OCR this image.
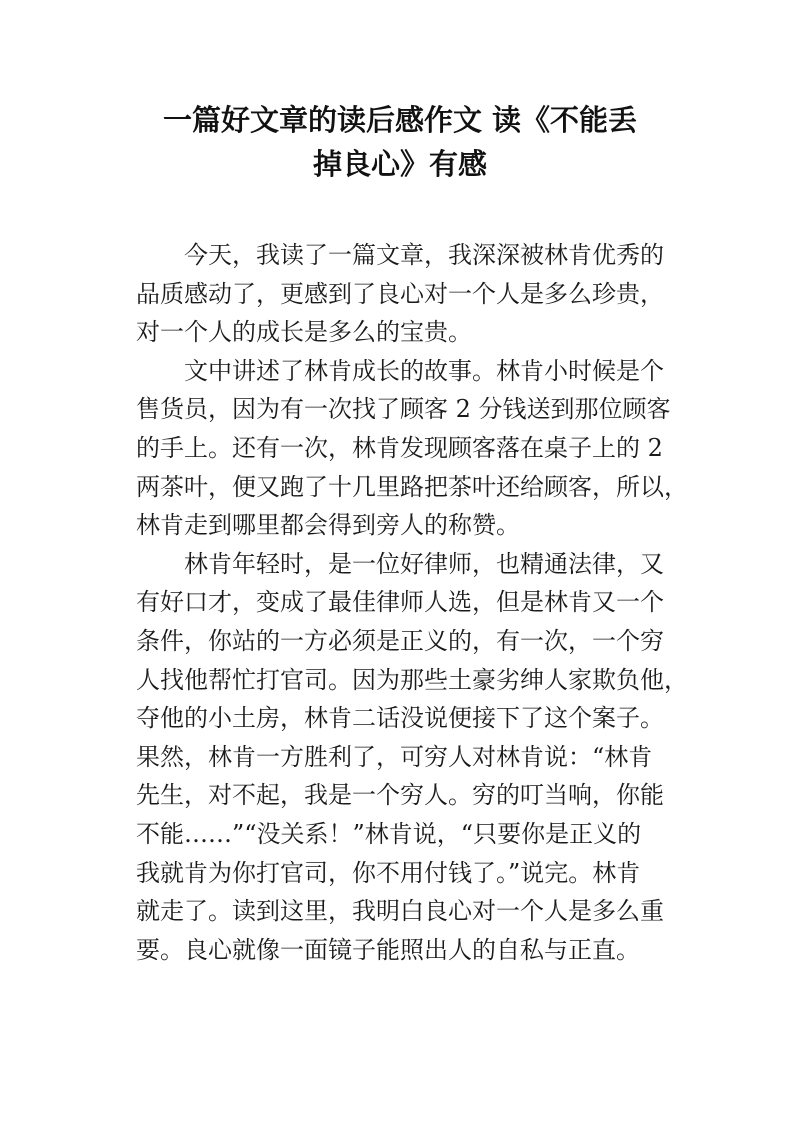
一篇好文章的读后感作文 读《不能丢
掉良心》有感
今天，我读了一篇文章，我深深被林肯优秀的
品质感动了，更感到了良心对一个人是多么珍贵，
对一个人的成长是多么的宝贵。
文中讲述了林肯成长的故事。林肯小时候是个
售货员，因为有一次找了顾客 2 分钱送到那位顾客
的手上。还有一次，林肯发现顾客落在桌子上的 2
两茶叶，便又跑了十几里路把茶叶还给顾客，所以，
林肯走到哪里都会得到旁人的称赞。
林肯年轻时，是一位好律师，也精通法律，又
有好口才，变成了最佳律师人选，但是林肯又一个
条件，你站的一方必须是正义的，有一次，一个穷
人找他帮忙打官司。因为那些土豪劣绅人家欺负他，
夺他的小土房，林肯二话没说便接下了这个案子。
果然，林肯一方胜利了，可穷人对林肯说：“林肯
先生，对不起，我是一个穷人。穷的叮当响，你能
不能……”“没关系！”林肯说，“只要你是正义的
我就肯为你打官司，你不用付钱了。”说完。林肯
就走了。读到这里，我明白良心对一个人是多么重
要。良心就像一面镜子能照出人的自私与正直。
